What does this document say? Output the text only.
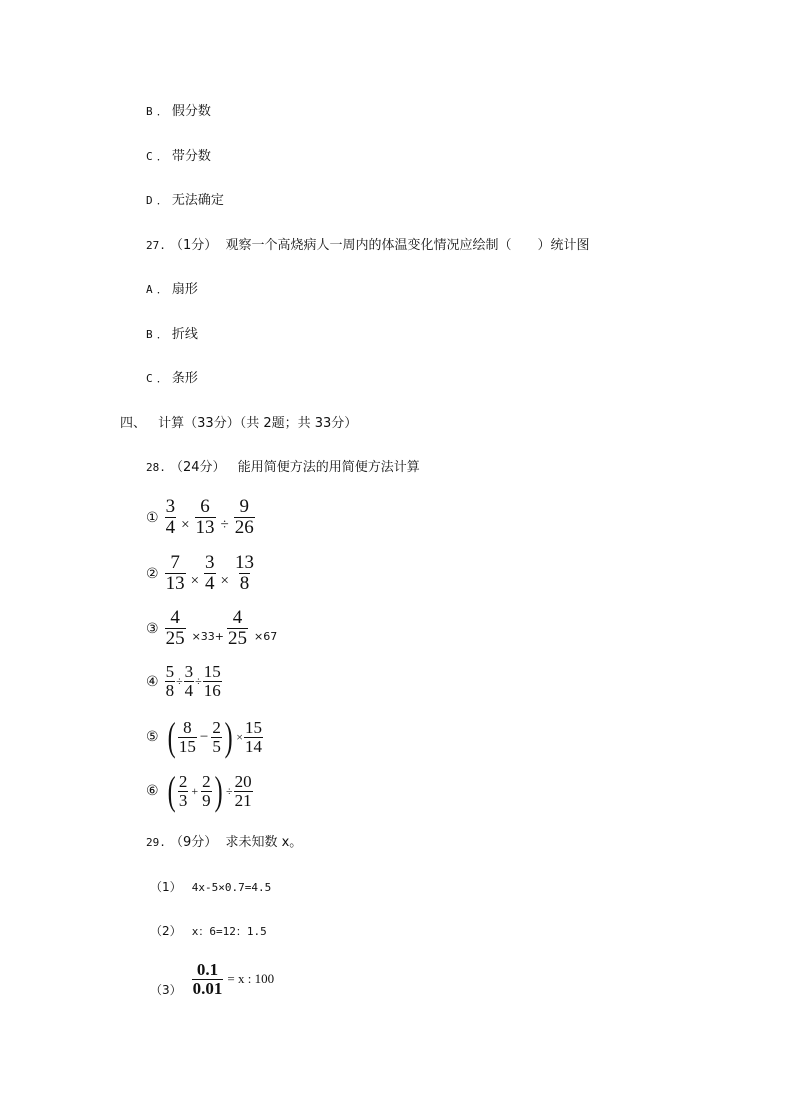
B ． 假分数
C ． 带分数
D ． 无法确定
27. （1分） 观察一个高烧病人一周内的体温变化情况应绘制（　　）统计图
A ． 扇形
B ． 折线
C ． 条形
四、 计算（33分）（共 2题；共 33分）
28. （24分） 能用简便方法的用简便方法计算
① $\frac{3}{4} \times \frac{6}{13} \div \frac{9}{26}$
② $\frac{7}{13} \times \frac{3}{4} \times \frac{13}{8}$
③ $\frac{4}{25} \times 33+ \frac{4}{25} \times 67$
④ $\frac{5}{8} \div \frac{3}{4} \div \frac{15}{16}$
⑤ ( $\frac{8}{15} - \frac{2}{5}$ ) × $\frac{15}{14}$
⑥ ( $\frac{2}{3} + \frac{2}{9}$ ) ÷ $\frac{20}{21}$
29. （9分） 求未知数 x。
（1） 4x-5×0.7=4.5
（2） x：6=12：1.5
$(3) \frac{0.1}{0.01} = x$ : 100
